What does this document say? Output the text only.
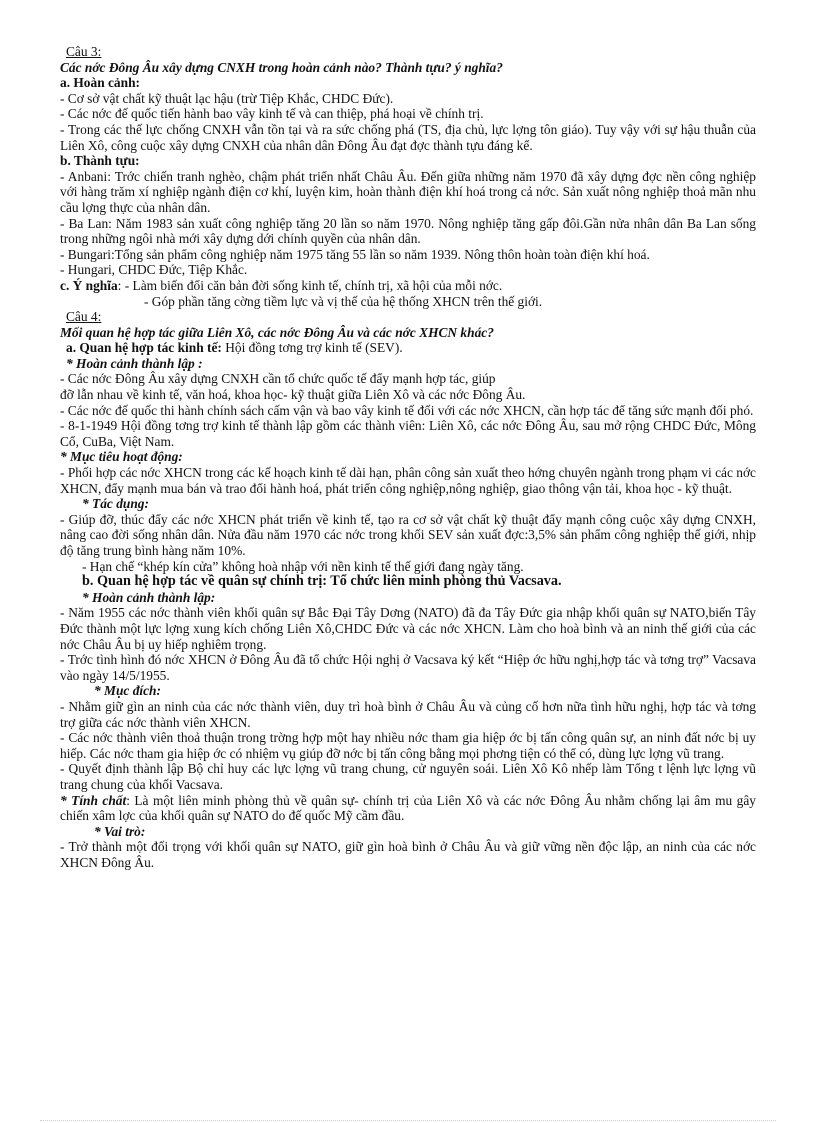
Câu 3:
Các nớc Đông Âu xây dựng CNXH trong hoàn cảnh nào? Thành tựu? ý nghĩa?
a. Hoàn cảnh:
- Cơ sở vật chất kỹ thuật lạc hậu (trừ Tiệp Khắc, CHDC Đức).
- Các nớc đế quốc tiến hành bao vây kinh tế và can thiệp, phá hoại về chính trị.
- Trong các thế lực chống CNXH vẫn tồn tại và ra sức chống phá (TS, địa chủ, lực lợng tôn giáo). Tuy vậy với sự hậu thuẫn của Liên Xô, công cuộc xây dựng CNXH của nhân dân Đông Âu đạt đợc thành tựu đáng kể.
b. Thành tựu:
- Anbani: Trớc chiến tranh nghèo, chậm phát triển nhất Châu Âu. Đến giữa những năm 1970 đã xây dựng đợc nền công nghiệp với hàng trăm xí nghiệp ngành điện cơ khí, luyện kim, hoàn thành điện khí hoá trong cả nớc. Sản xuất nông nghiệp thoả mãn nhu cầu lợng thực của nhân dân.
- Ba Lan: Năm 1983 sản xuất công nghiệp tăng 20 lần so năm 1970. Nông nghiệp tăng gấp đôi.Gần nửa nhân dân Ba Lan sống trong những ngôi nhà mới xây dựng dới chính quyền của nhân dân.
- Bungari:Tổng sản phẩm công nghiệp năm 1975 tăng 55 lần so năm 1939. Nông thôn hoàn toàn điện khí hoá.
- Hungari, CHDC Đức, Tiệp Khắc.
c. Ý nghĩa: - Làm biến đổi căn bản đời sống kinh tế, chính trị, xã hội của mỗi nớc.
- Góp phần tăng cờng tiềm lực và vị thế của hệ thống XHCN trên thế giới.
Câu 4:
Mối quan hệ hợp tác giữa Liên Xô, các nớc Đông Âu và các nớc XHCN khác?
a. Quan hệ hợp tác kinh tế: Hội đồng tơng trợ kinh tế (SEV).
* Hoàn cảnh thành lập :
- Các nớc Đông Âu xây dựng CNXH cần tổ chức quốc tế đẩy mạnh hợp tác, giúp
đỡ lẫn nhau về kinh tế, văn hoá, khoa học- kỹ thuật giữa Liên Xô và các nớc Đông Âu.
- Các nớc đế quốc thi hành chính sách cấm vận và bao vây kinh tế đối với các nớc XHCN, cần hợp tác để tăng sức mạnh đối phó.
- 8-1-1949 Hội đồng tơng trợ kinh tế thành lập gồm các thành viên: Liên Xô, các nớc Đông Âu, sau mở rộng CHDC Đức, Mông Cổ, CuBa, Việt Nam.
* Mục tiêu hoạt động:
- Phối hợp các nớc XHCN trong các kế hoạch kinh tế dài hạn, phân công sản xuất theo hớng chuyên ngành trong phạm vi các nớc XHCN, đẩy mạnh mua bán và trao đổi hành hoá, phát triển công nghiệp,nông nghiệp, giao thông vận tải, khoa học - kỹ thuật.
* Tác dụng:
- Giúp đỡ, thúc đẩy các nớc XHCN phát triển về kinh tế, tạo ra cơ sở vật chất kỹ thuật đẩy mạnh công cuộc xây dựng CNXH, nâng cao đời sống nhân dân. Nửa đầu năm 1970 các nớc trong khối SEV sản xuất đợc:3,5% sản phẩm công nghiệp thế giới, nhịp độ tăng trung bình hàng năm 10%.
- Hạn chế “khép kín cửa” không hoà nhập với nền kinh tế thế giới đang ngày tăng.
b. Quan hệ hợp tác về quân sự chính trị: Tổ chức liên minh phòng thủ Vacsava.
* Hoàn cảnh thành lập:
- Năm 1955 các nớc thành viên khối quân sự Bắc Đại Tây Dơng (NATO) đã đa Tây Đức gia nhập khối quân sự NATO,biến Tây Đức thành một lực lợng xung kích chống Liên Xô,CHDC Đức và các nớc XHCN. Làm cho hoà bình và an ninh thế giới của các nớc Châu Âu bị uy hiếp nghiêm trọng.
- Trớc tình hình đó nớc XHCN ở Đông Âu đã tổ chức Hội nghị ở Vacsava ký kết “Hiệp ớc hữu nghị,hợp tác và tơng trợ” Vacsava vào ngày 14/5/1955.
* Mục đích:
- Nhằm giữ gìn an ninh của các nớc thành viên, duy trì hoà bình ở Châu Âu và củng cố hơn nữa tình hữu nghị, hợp tác và tơng trợ giữa các nớc thành viên XHCN.
- Các nớc thành viên thoả thuận trong trờng hợp một hay nhiều nớc tham gia hiệp ớc bị tấn công quân sự, an ninh đất nớc bị uy hiếp. Các nớc tham gia hiệp ớc có nhiệm vụ giúp đỡ nớc bị tấn công bằng mọi phơng tiện có thể có, dùng lực lợng vũ trang.
- Quyết định thành lập Bộ chỉ huy các lực lợng vũ trang chung, cử nguyên soái. Liên Xô Kô nhếp làm Tổng t lệnh lực lợng vũ trang chung của khối Vacsava.
* Tính chất: Là một liên minh phòng thủ về quân sự- chính trị của Liên Xô và các nớc Đông Âu nhằm chống lại âm mu gây chiến xâm lợc của khối quân sự NATO do đế quốc Mỹ cầm đầu.
* Vai trò:
- Trở thành một đối trọng với khối quân sự NATO, giữ gìn hoà bình ở Châu Âu và giữ vững nền độc lập, an ninh của các nớc XHCN Đông Âu.
